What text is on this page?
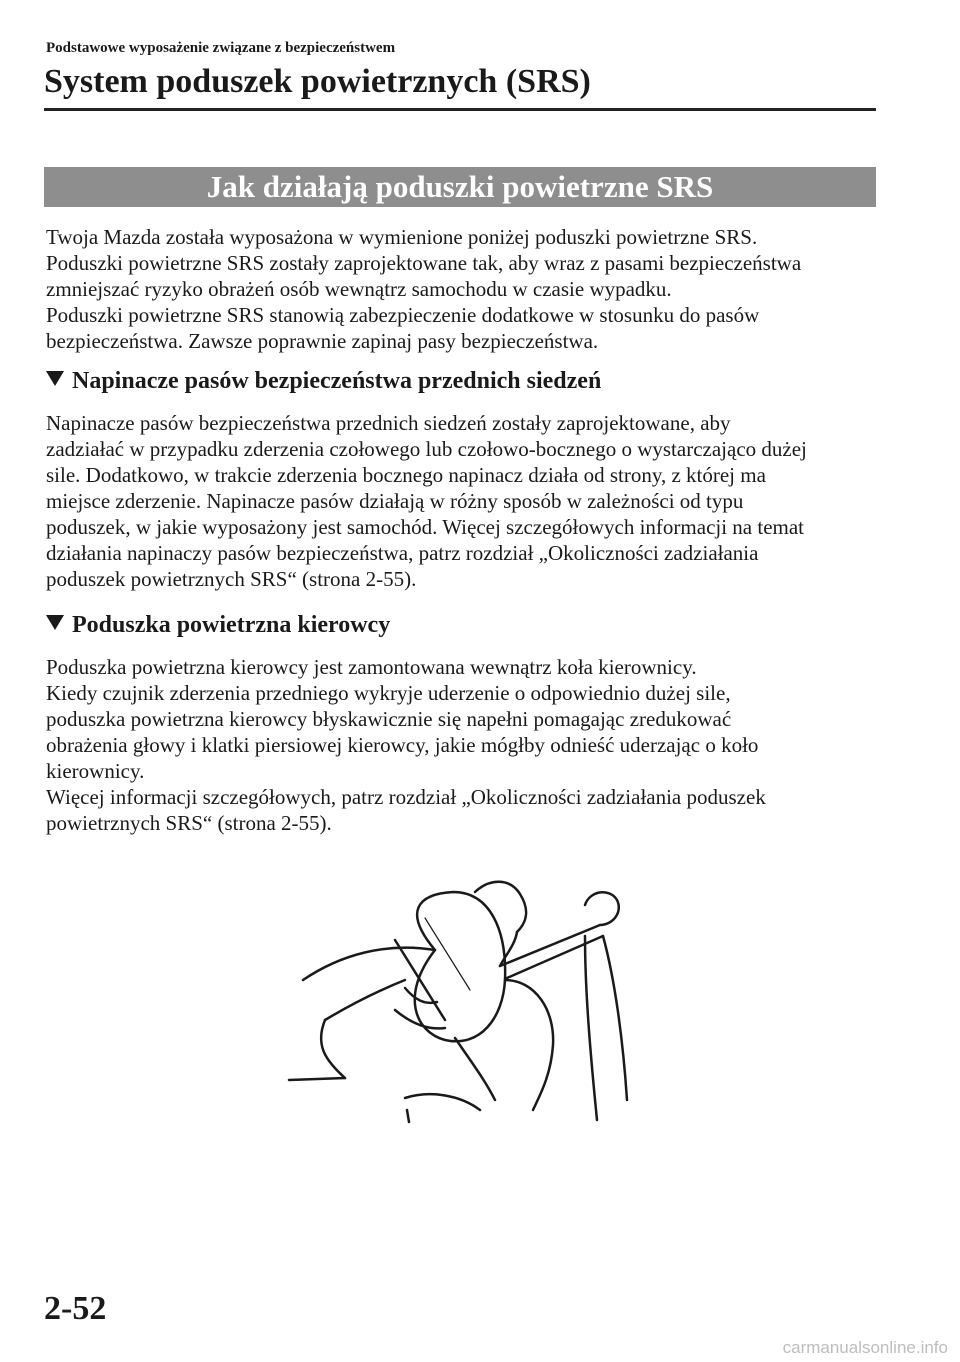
Podstawowe wyposażenie związane z bezpieczeństwem
System poduszek powietrznych (SRS)
Jak działają poduszki powietrzne SRS

Twoja Mazda została wyposażona w wymienione poniżej poduszki powietrzne SRS.
Poduszki powietrzne SRS zostały zaprojektowane tak, aby wraz z pasami bezpieczeństwa
zmniejszać ryzyko obrażeń osób wewnątrz samochodu w czasie wypadku.
Poduszki powietrzne SRS stanowią zabezpieczenie dodatkowe w stosunku do pasów
bezpieczeństwa. Zawsze poprawnie zapinaj pasy bezpieczeństwa.

Napinacze pasów bezpieczeństwa przednich siedzeń

Napinacze pasów bezpieczeństwa przednich siedzeń zostały zaprojektowane, aby
zadziałać w przypadku zderzenia czołowego lub czołowo-bocznego o wystarczająco dużej
sile. Dodatkowo, w trakcie zderzenia bocznego napinacz działa od strony, z której ma
miejsce zderzenie. Napinacze pasów działają w różny sposób w zależności od typu
poduszek, w jakie wyposażony jest samochód. Więcej szczegółowych informacji na temat
działania napinaczy pasów bezpieczeństwa, patrz rozdział „Okoliczności zadziałania
poduszek powietrznych SRS“ (strona 2-55).

Poduszka powietrzna kierowcy

Poduszka powietrzna kierowcy jest zamontowana wewnątrz koła kierownicy.
Kiedy czujnik zderzenia przedniego wykryje uderzenie o odpowiednio dużej sile,
poduszka powietrzna kierowcy błyskawicznie się napełni pomagając zredukować
obrażenia głowy i klatki piersiowej kierowcy, jakie mógłby odnieść uderzając o koło
kierownicy.
Więcej informacji szczegółowych, patrz rozdział „Okoliczności zadziałania poduszek
powietrznych SRS“ (strona 2-55).

2-52
carmanualsonline.info
